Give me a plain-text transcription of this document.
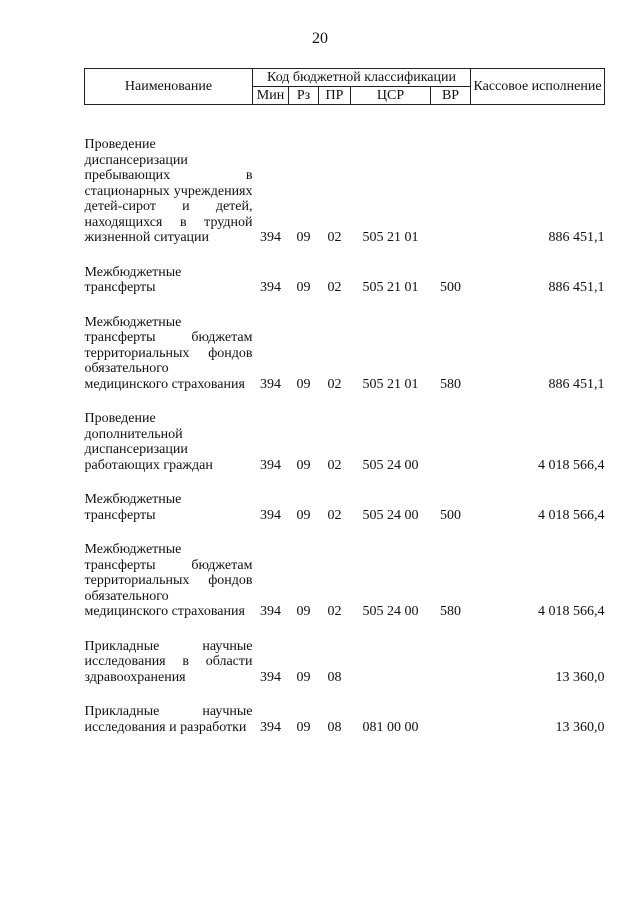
20
Наименование	Код бюджетной классификации					Кассовое исполнение
	Мин	Рз	ПР	ЦСР	ВР	

Проведение диспансеризации пребывающих в стационарных учреждениях детей-сирот и детей, находящихся в трудной жизненной ситуации	394	09	02	505 21 01		886 451,1

Межбюджетные трансферты	394	09	02	505 21 01	500	886 451,1

Межбюджетные трансферты бюджетам территориальных фондов обязательного медицинского страхования	394	09	02	505 21 01	580	886 451,1

Проведение дополнительной диспансеризации работающих граждан	394	09	02	505 24 00		4 018 566,4

Межбюджетные трансферты	394	09	02	505 24 00	500	4 018 566,4

Межбюджетные трансферты бюджетам территориальных фондов обязательного медицинского страхования	394	09	02	505 24 00	580	4 018 566,4

Прикладные научные исследования в области здравоохранения	394	09	08			13 360,0

Прикладные научные исследования и разработки	394	09	08	081 00 00		13 360,0
